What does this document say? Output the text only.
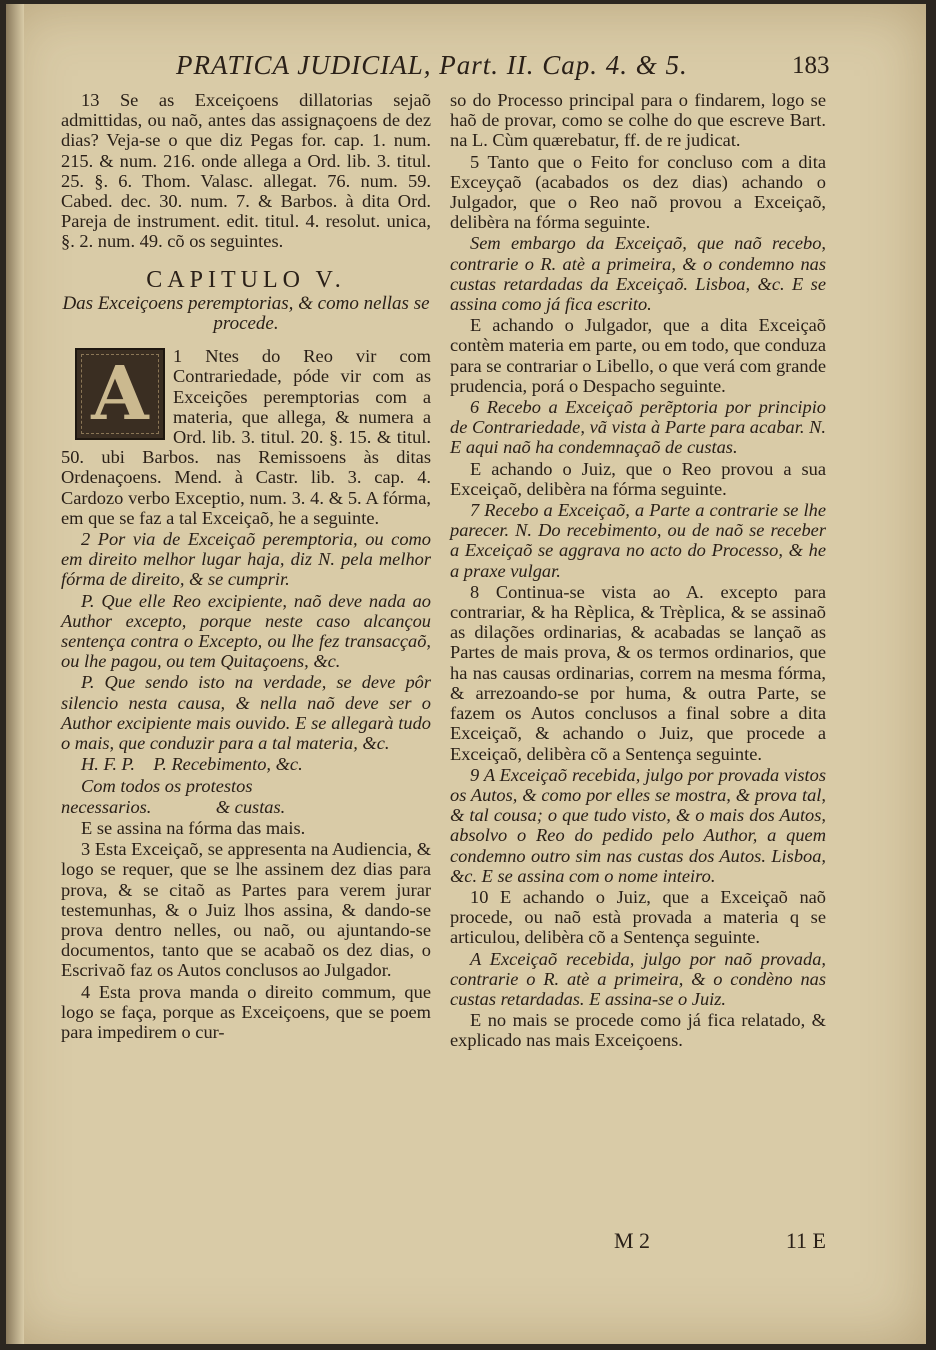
PRATICA JUDICIAL, Part. II. Cap. 4. & 5.	183

13 Se as Exceiçoens dillatorias sejaõ admittidas, ou naõ, antes das assignaçoens de dez dias? Veja-se o que diz Pegas for. cap. 1. num. 215. & num. 216. onde allega a Ord. lib. 3. titul. 25. §. 6. Thom. Valasc. allegat. 76. num. 59. Cabed. dec. 30. num. 7. & Barbos. à dita Ord. Pareja de instrument. edit. titul. 4. resolut. unica, §. 2. num. 49. cõ os seguintes.

CAPITULO V.

Das Exceiçoens peremptorias, & como nellas se procede.

A	1 Ntes do Reo vir com Contrariedade, póde vir com as Exceições peremptorias com a materia, que allega, & numera a Ord. lib. 3. titul. 20. §. 15. & titul. 50. ubi Barbos. nas Remissoens às ditas Ordenaçoens. Mend. à Castr. lib. 3. cap. 4. Cardozo verbo Exceptio, num. 3. 4. & 5. A fórma, em que se faz a tal Exceiçaõ, he a seguinte.

2 Por via de Exceiçaõ peremptoria, ou como em direito melhor lugar haja, diz N. pela melhor fórma de direito, & se cumprir.

P. Que elle Reo excipiente, naõ deve nada ao Author excepto, porque neste caso alcançou sentença contra o Excepto, ou lhe fez transacçaõ, ou lhe pagou, ou tem Quitaçoens, &c.

P. Que sendo isto na verdade, se deve pôr silencio nesta causa, & nella naõ deve ser o Author excipiente mais ouvido. E se allegarà tudo o mais, que conduzir para a tal materia, &c.

H. F. P.    P. Recebimento, &c.

Com todos os protestos

necessarios.              & custas.

E se assina na fórma das mais.

3 Esta Exceiçaõ, se appresenta na Audiencia, & logo se requer, que se lhe assinem dez dias para prova, & se citaõ as Partes para verem jurar testemunhas, & o Juiz lhos assina, & dando-se prova dentro nelles, ou naõ, ou ajuntando-se documentos, tanto que se acabaõ os dez dias, o Escrivaõ faz os Autos conclusos ao Julgador.

4 Esta prova manda o direito commum, que logo se faça, porque as Exceiçoens, que se poem para impedirem o cur-

so do Processo principal para o findarem, logo se haõ de provar, como se colhe do que escreve Bart. na L. Cùm quærebatur, ff. de re judicat.

5 Tanto que o Feito for concluso com a dita Exceyçaõ (acabados os dez dias) achando o Julgador, que o Reo naõ provou a Exceiçaõ, delibèra na fórma seguinte.

Sem embargo da Exceiçaõ, que naõ recebo, contrarie o R. atè a primeira, & o condemno nas custas retardadas da Exceiçaõ. Lisboa, &c. E se assina como já fica escrito.

E achando o Julgador, que a dita Exceiçaõ contèm materia em parte, ou em todo, que conduza para se contrariar o Libello, o que verá com grande prudencia, porá o Despacho seguinte.

6 Recebo a Exceiçaõ perẽptoria por principio de Contrariedade, vã vista à Parte para acabar. N. E aqui naõ ha condemnaçaõ de custas.

E achando o Juiz, que o Reo provou a sua Exceiçaõ, delibèra na fórma seguinte.

7 Recebo a Exceiçaõ, a Parte a contrarie se lhe parecer. N. Do recebimento, ou de naõ se receber a Exceiçaõ se aggrava no acto do Processo, & he a praxe vulgar.

8 Continua-se vista ao A. excepto para contrariar, & ha Rèplica, & Trèplica, & se assinaõ as dilações ordinarias, & acabadas se lançaõ as Partes de mais prova, & os termos ordinarios, que ha nas causas ordinarias, correm na mesma fórma, & arrezoando-se por huma, & outra Parte, se fazem os Autos conclusos a final sobre a dita Exceiçaõ, & achando o Juiz, que procede a Exceiçaõ, delibèra cõ a Sentença seguinte.

9 A Exceiçaõ recebida, julgo por provada vistos os Autos, & como por elles se mostra, & prova tal, & tal cousa; o que tudo visto, & o mais dos Autos, absolvo o Reo do pedido pelo Author, a quem condemno outro sim nas custas dos Autos. Lisboa, &c. E se assina com o nome inteiro.

10 E achando o Juiz, que a Exceiçaõ naõ procede, ou naõ està provada a materia q se articulou, delibèra cõ a Sentença seguinte.

A Exceiçaõ recebida, julgo por naõ provada, contrarie o R. atè a primeira, & o condèno nas custas retardadas. E assina-se o Juiz.

E no mais se procede como já fica relatado, & explicado nas mais Exceiçoens.

M 2	11 E
